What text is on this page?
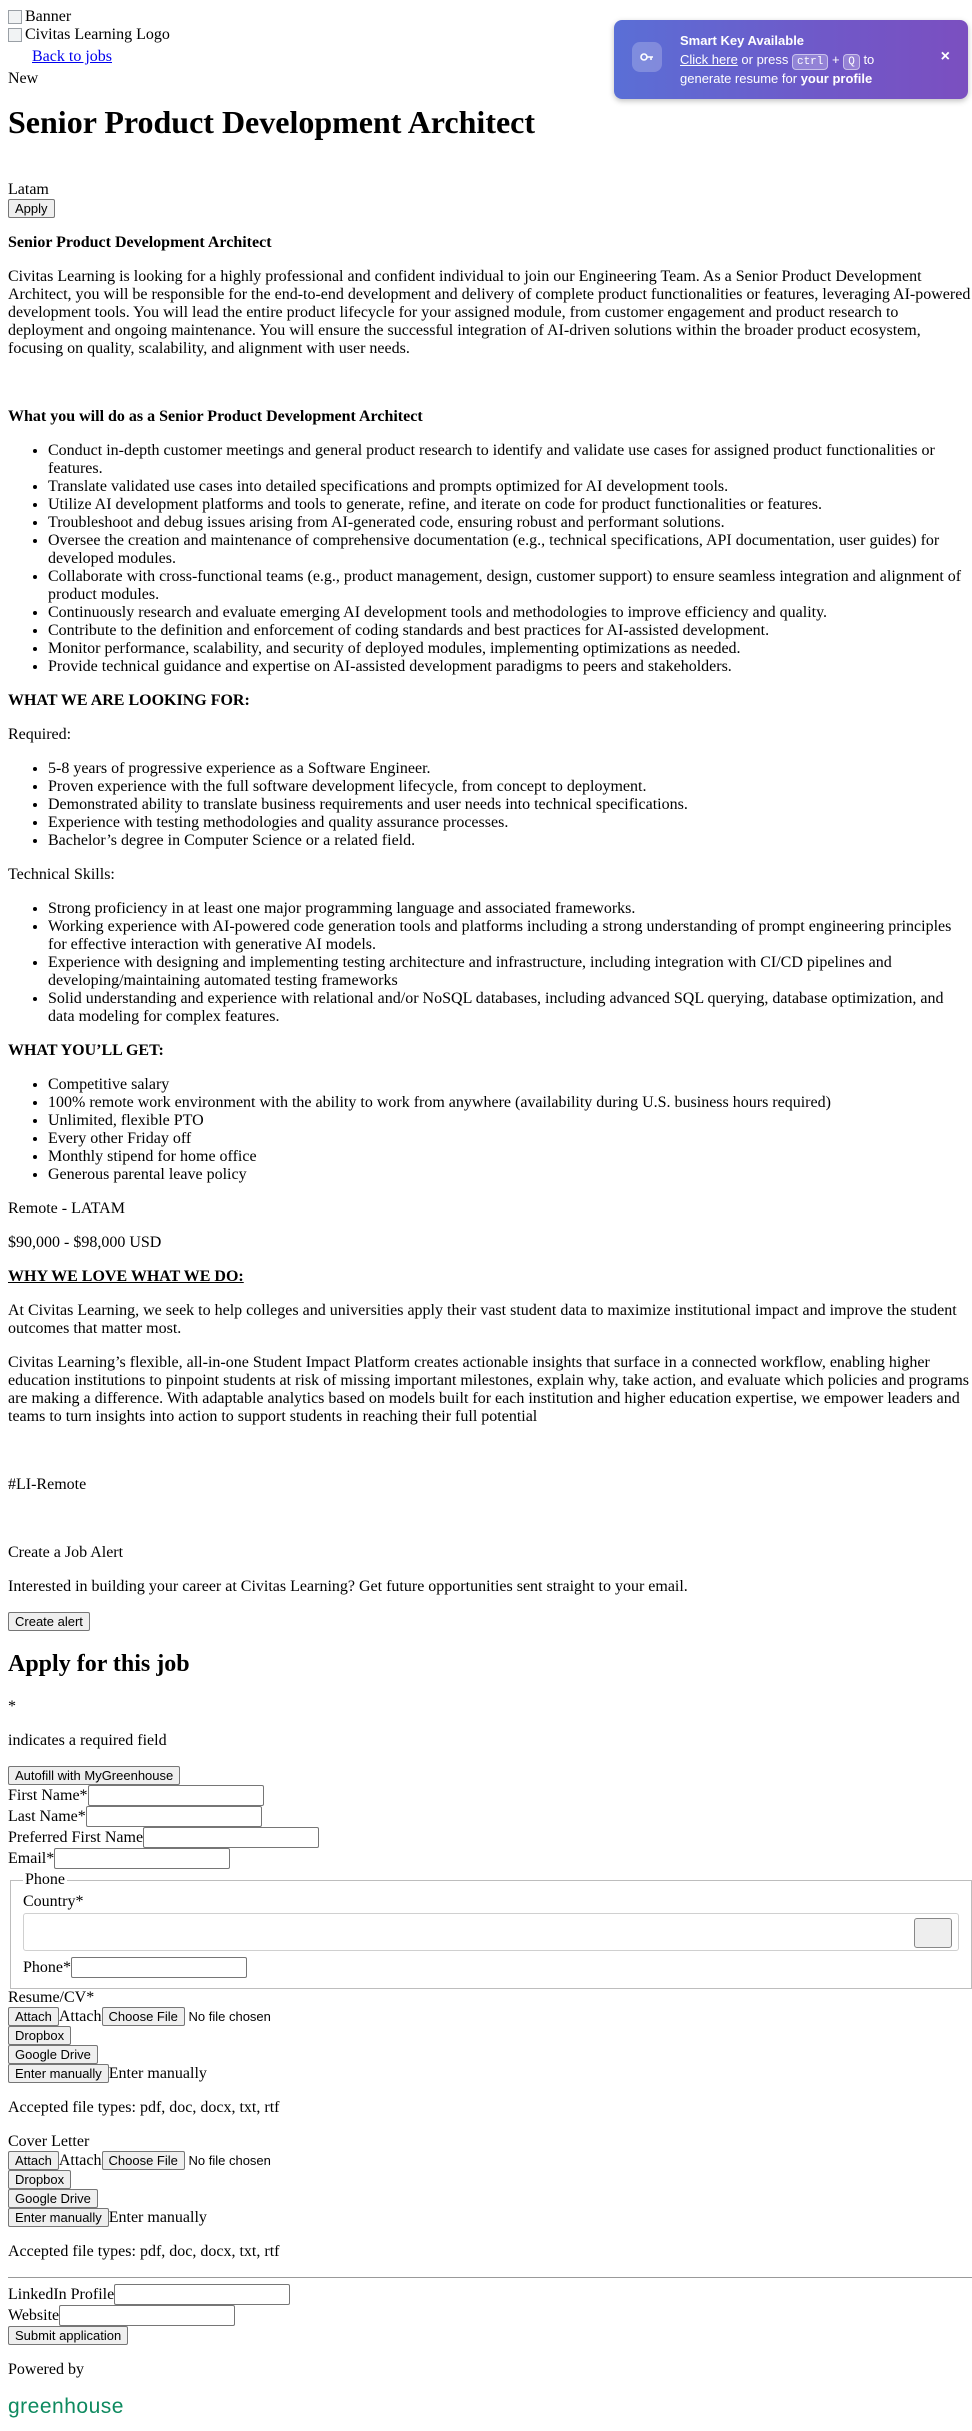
Banner
Civitas Learning Logo
Back to jobs
New
Senior Product Development Architect
Latam
Apply

Senior Product Development Architect

Civitas Learning is looking for a highly professional and confident individual to join our Engineering Team. As a Senior Product Development Architect, you will be responsible for the end-to-end development and delivery of complete product functionalities or features, leveraging AI-powered development tools. You will lead the entire product lifecycle for your assigned module, from customer engagement and product research to deployment and ongoing maintenance. You will ensure the successful integration of AI-driven solutions within the broader product ecosystem, focusing on quality, scalability, and alignment with user needs.

What you will do as a Senior Product Development Architect

• Conduct in-depth customer meetings and general product research to identify and validate use cases for assigned product functionalities or features.
• Translate validated use cases into detailed specifications and prompts optimized for AI development tools.
• Utilize AI development platforms and tools to generate, refine, and iterate on code for product functionalities or features.
• Troubleshoot and debug issues arising from AI-generated code, ensuring robust and performant solutions.
• Oversee the creation and maintenance of comprehensive documentation (e.g., technical specifications, API documentation, user guides) for developed modules.
• Collaborate with cross-functional teams (e.g., product management, design, customer support) to ensure seamless integration and alignment of product modules.
• Continuously research and evaluate emerging AI development tools and methodologies to improve efficiency and quality.
• Contribute to the definition and enforcement of coding standards and best practices for AI-assisted development.
• Monitor performance, scalability, and security of deployed modules, implementing optimizations as needed.
• Provide technical guidance and expertise on AI-assisted development paradigms to peers and stakeholders.

WHAT WE ARE LOOKING FOR:

Required:

• 5-8 years of progressive experience as a Software Engineer.
• Proven experience with the full software development lifecycle, from concept to deployment.
• Demonstrated ability to translate business requirements and user needs into technical specifications.
• Experience with testing methodologies and quality assurance processes.
• Bachelor’s degree in Computer Science or a related field.

Technical Skills:

• Strong proficiency in at least one major programming language and associated frameworks.
• Working experience with AI-powered code generation tools and platforms including a strong understanding of prompt engineering principles for effective interaction with generative AI models.
• Experience with designing and implementing testing architecture and infrastructure, including integration with CI/CD pipelines and developing/maintaining automated testing frameworks
• Solid understanding and experience with relational and/or NoSQL databases, including advanced SQL querying, database optimization, and data modeling for complex features.

WHAT YOU’LL GET:

• Competitive salary
• 100% remote work environment with the ability to work from anywhere (availability during U.S. business hours required)
• Unlimited, flexible PTO
• Every other Friday off
• Monthly stipend for home office
• Generous parental leave policy

Remote - LATAM

$90,000 - $98,000 USD

WHY WE LOVE WHAT WE DO:

At Civitas Learning, we seek to help colleges and universities apply their vast student data to maximize institutional impact and improve the student outcomes that matter most.

Civitas Learning’s flexible, all-in-one Student Impact Platform creates actionable insights that surface in a connected workflow, enabling higher education institutions to pinpoint students at risk of missing important milestones, explain why, take action, and evaluate which policies and programs are making a difference. With adaptable analytics based on models built for each institution and higher education expertise, we empower leaders and teams to turn insights into action to support students in reaching their full potential

#LI-Remote

Create a Job Alert

Interested in building your career at Civitas Learning? Get future opportunities sent straight to your email.

Create alert
Apply for this job

*

indicates a required field

Autofill with MyGreenhouse
First Name*
Last Name*
Preferred First Name
Email*
Phone
Country*
Phone*
Resume/CV*
Attach Attach Choose File No file chosen
Dropbox
Google Drive
Enter manually Enter manually

Accepted file types: pdf, doc, docx, txt, rtf

Cover Letter
Attach Attach Choose File No file chosen
Dropbox
Google Drive
Enter manually Enter manually

Accepted file types: pdf, doc, docx, txt, rtf

LinkedIn Profile
Website
Submit application

Powered by

greenhouse
Smart Key Available
Click here or press ctrl + Q to
generate resume for your profile
×
